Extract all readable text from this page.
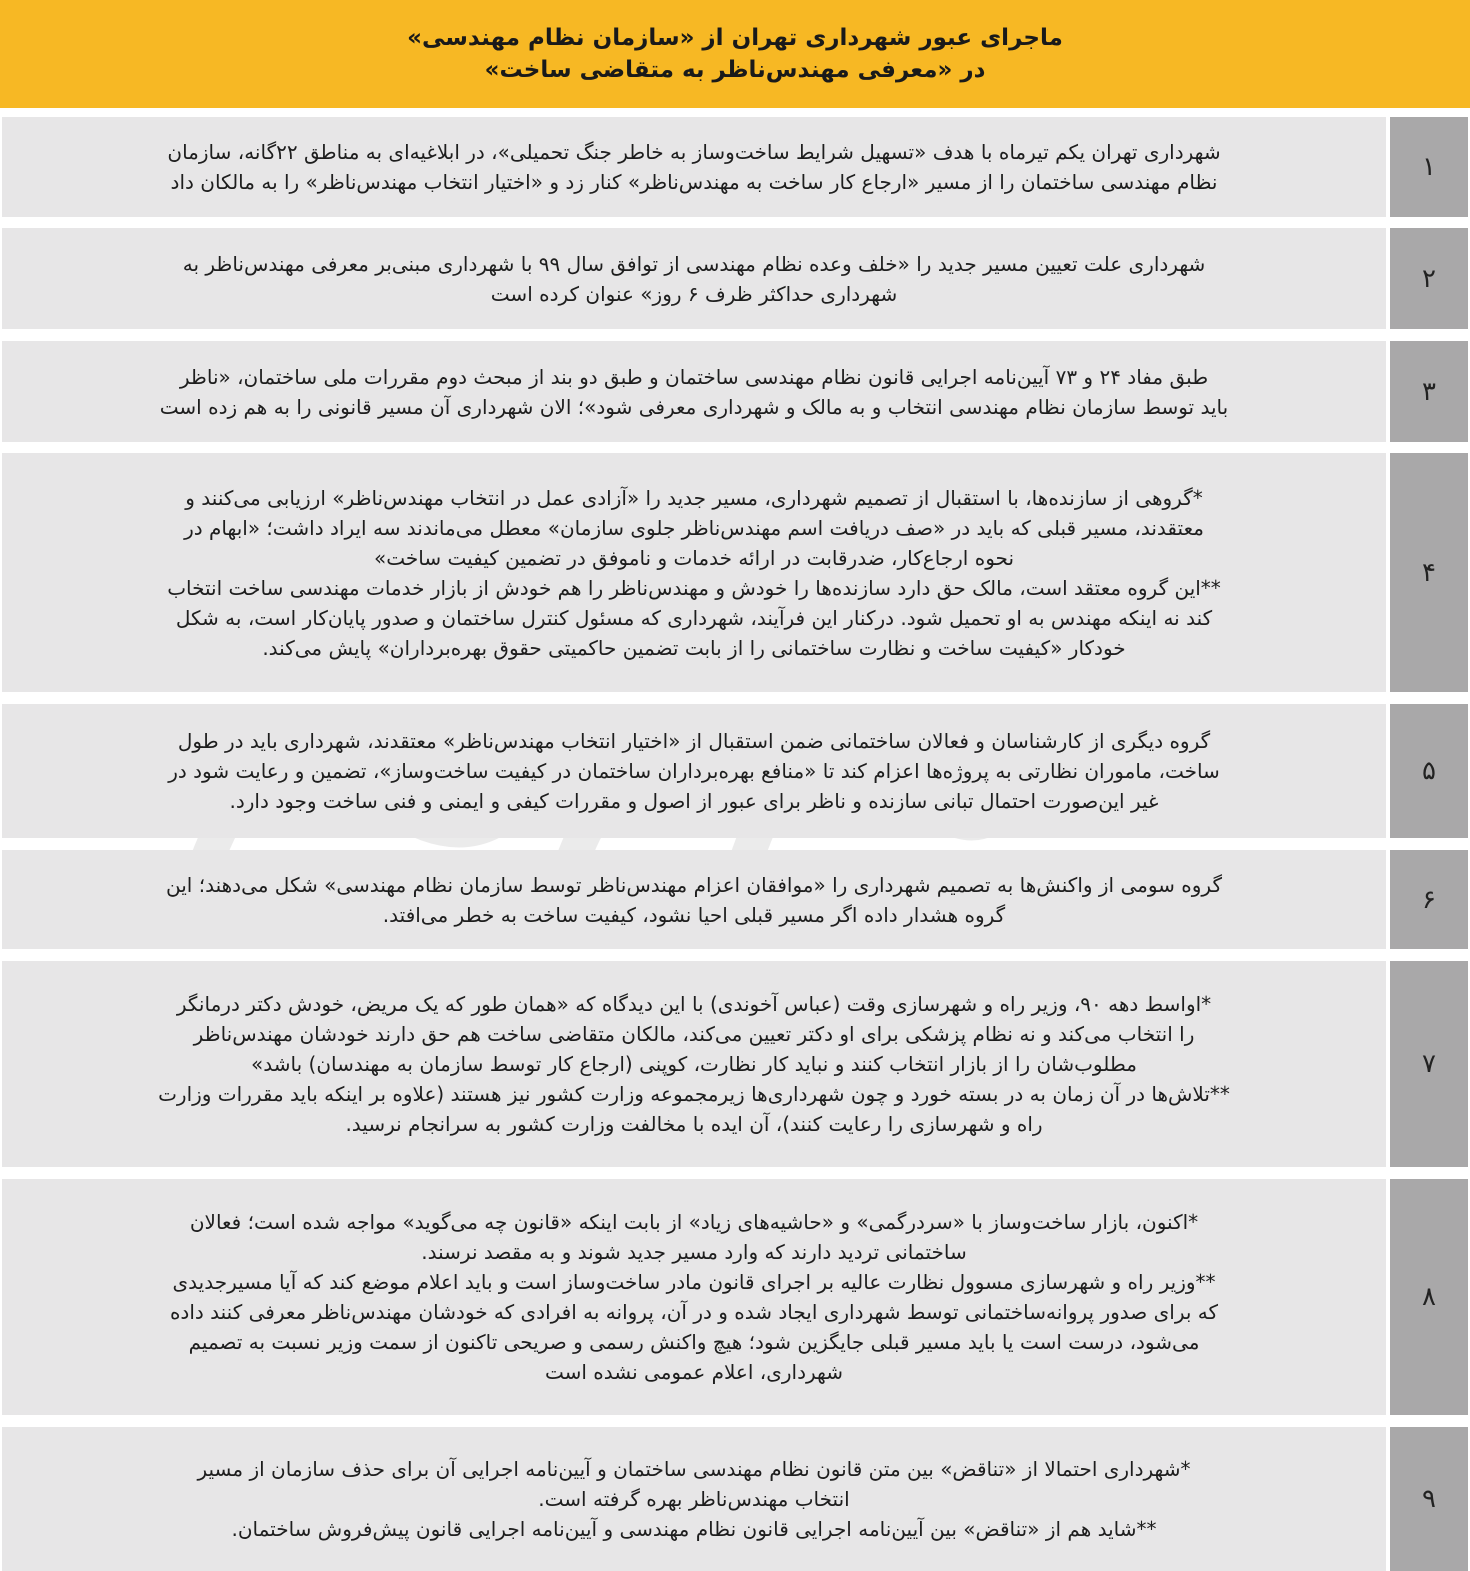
ماجرای عبور شهرداری تهران از «سازمان نظام مهندسی»
در «معرفی مهندس‌ناظر به متقاضی ساخت»
۱
شهرداری تهران یکم تیرماه با هدف «تسهیل شرایط ساخت‌وساز به خاطر جنگ تحمیلی»، در ابلاغیه‌ای به مناطق ۲۲گانه، سازمان
نظام مهندسی ساختمان را از مسیر «ارجاع کار ساخت به مهندس‌ناظر» کنار زد و «اختیار انتخاب مهندس‌ناظر» را به مالکان داد
۲
شهرداری علت تعیین مسیر جدید را «خلف وعده نظام مهندسی از توافق سال ۹۹ با شهرداری مبنی‌بر معرفی مهندس‌ناظر به
شهرداری حداکثر ظرف ۶ روز» عنوان کرده است
۳
طبق مفاد ۲۴ و ۷۳ آیین‌نامه اجرایی قانون نظام مهندسی ساختمان و طبق دو بند از مبحث دوم مقررات ملی ساختمان، «ناظر
باید توسط سازمان نظام مهندسی انتخاب و به مالک و شهرداری معرفی شود»؛ الان شهرداری آن مسیر قانونی را به هم زده است
۴
*گروهی از سازنده‌ها، با استقبال از تصمیم شهرداری، مسیر جدید را «آزادی عمل در انتخاب مهندس‌ناظر» ارزیابی می‌کنند و
معتقدند، مسیر قبلی که باید در «صف دریافت اسم مهندس‌ناظر جلوی سازمان» معطل می‌ماندند سه ایراد داشت؛ «ابهام در
نحوه ارجاع‌کار، ضدرقابت در ارائه خدمات و ناموفق در تضمین کیفیت ساخت»
**این گروه معتقد است، مالک حق دارد سازنده‌ها را خودش و مهندس‌ناظر را هم خودش از بازار خدمات مهندسی ساخت انتخاب
کند نه اینکه مهندس به او تحمیل شود. درکنار این فرآیند، شهرداری که مسئول کنترل ساختمان و صدور پایان‌کار است، به شکل
خودکار «کیفیت ساخت و نظارت ساختمانی را از بابت تضمین حاکمیتی حقوق بهره‌برداران» پایش می‌کند.
۵
گروه دیگری از کارشناسان و فعالان ساختمانی ضمن استقبال از «اختیار انتخاب مهندس‌ناظر» معتقدند، شهرداری باید در طول
ساخت، ماموران نظارتی به پروژه‌ها اعزام کند تا «منافع بهره‌برداران ساختمان در کیفیت ساخت‌وساز»، تضمین و رعایت شود در
غیر این‌صورت احتمال تبانی سازنده و ناظر برای عبور از اصول و مقررات کیفی و ایمنی و فنی ساخت وجود دارد.
۶
گروه سومی از واکنش‌ها به تصمیم شهرداری را «موافقان اعزام مهندس‌ناظر توسط سازمان نظام مهندسی» شکل می‌دهند؛ این
گروه هشدار داده اگر مسیر قبلی احیا نشود، کیفیت ساخت به خطر می‌افتد.
۷
*اواسط دهه ۹۰، وزیر راه و شهرسازی وقت (عباس آخوندی) با این دیدگاه که «همان طور که یک مریض، خودش دکتر درمانگر
را انتخاب می‌کند و نه نظام پزشکی برای او دکتر تعیین می‌کند، مالکان متقاضی ساخت هم حق دارند خودشان مهندس‌ناظر
مطلوب‌شان را از بازار انتخاب کنند و نباید کار نظارت، کوپنی (ارجاع کار توسط سازمان به مهندسان) باشد»
**تلاش‌ها در آن زمان به در بسته خورد و چون شهرداری‌ها زیرمجموعه وزارت کشور نیز هستند (علاوه بر اینکه باید مقررات وزارت
راه و شهرسازی را رعایت کنند)، آن ایده با مخالفت وزارت کشور به سرانجام نرسید.
۸
*اکنون، بازار ساخت‌وساز با «سردرگمی» و «حاشیه‌های زیاد» از بابت اینکه «قانون چه می‌گوید» مواجه شده است؛ فعالان
ساختمانی تردید دارند که وارد مسیر جدید شوند و به مقصد نرسند.
**وزیر راه و شهرسازی مسوول نظارت عالیه بر اجرای قانون مادر ساخت‌وساز است و باید اعلام موضع کند که آیا مسیرجدیدی
که برای صدور پروانه‌ساختمانی توسط شهرداری ایجاد شده و در آن، پروانه به افرادی که خودشان مهندس‌ناظر معرفی کنند داده
می‌شود، درست است یا باید مسیر قبلی جایگزین شود؛ هیچ واکنش رسمی و صریحی تاکنون از سمت وزیر نسبت به تصمیم
شهرداری، اعلام عمومی نشده است
۹
*شهرداری احتمالا از «تناقض» بین متن قانون نظام مهندسی ساختمان و آیین‌نامه اجرایی آن برای حذف سازمان از مسیر
انتخاب مهندس‌ناظر بهره گرفته است.
**شاید هم از «تناقض» بین آیین‌نامه اجرایی قانون نظام مهندسی و آیین‌نامه اجرایی قانون پیش‌فروش ساختمان.
